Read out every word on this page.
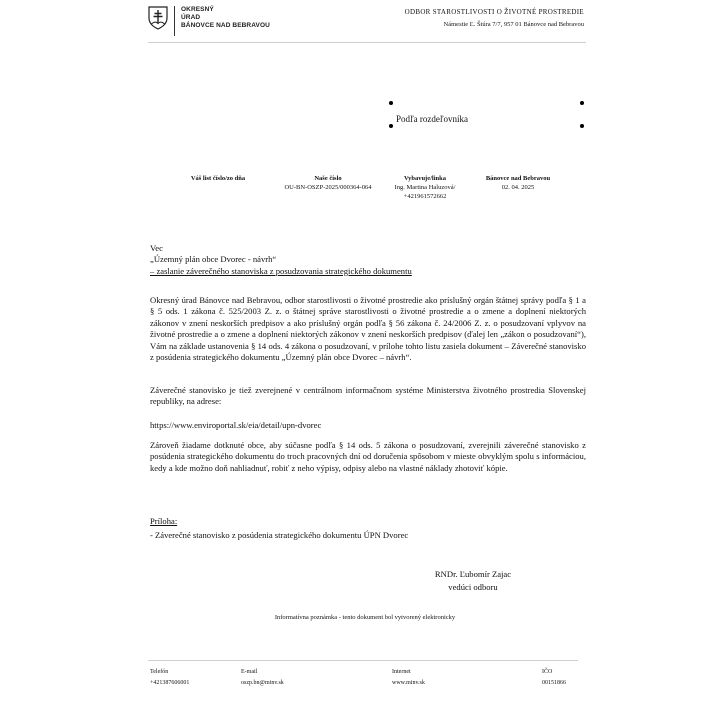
OKRESNÝ
ÚRAD
BÁNOVCE NAD BEBRAVOU
ODBOR STAROSTLIVOSTI O ŽIVOTNÉ PROSTREDIE
Námestie Ľ. Štúra 7/7, 957 01 Bánovce nad Bebravou
Podľa rozdeľovníka
Váš list číslo/zo dňa	Naše číslo
OU-BN-OSZP-2025/000364-064
Vybavuje/linka
Ing. Martina Haluzová/
+421961572662
Bánovce nad Bebravou
02. 04. 2025
Vec
„Územný plán obce Dvorec - návrh“
– zaslanie záverečného stanoviska z posudzovania strategického dokumentu
Okresný úrad Bánovce nad Bebravou, odbor starostlivosti o životné prostredie ako príslušný orgán štátnej správy podľa § 1 a § 5 ods. 1 zákona č. 525/2003 Z. z. o štátnej správe starostlivosti o životné prostredie a o zmene a doplnení niektorých zákonov v znení neskorších predpisov a ako príslušný orgán podľa § 56 zákona č. 24/2006 Z. z. o posudzovaní vplyvov na životné prostredie a o zmene a doplnení niektorých zákonov v znení neskorších predpisov (ďalej len „zákon o posudzovaní“), Vám na základe ustanovenia § 14 ods. 4 zákona o posudzovaní, v prílohe tohto listu zasiela dokument – Záverečné stanovisko z posúdenia strategického dokumentu „Územný plán obce Dvorec – návrh“.
Záverečné stanovisko je tiež zverejnené v centrálnom informačnom systéme Ministerstva životného prostredia Slovenskej republiky, na adrese:
https://www.enviroportal.sk/eia/detail/upn-dvorec
Zároveň žiadame dotknuté obce, aby súčasne podľa § 14 ods. 5 zákona o posudzovaní, zverejnili záverečné stanovisko z posúdenia strategického dokumentu do troch pracovných dní od doručenia spôsobom v mieste obvyklým spolu s informáciou, kedy a kde možno doň nahliadnuť, robiť z neho výpisy, odpisy alebo na vlastné náklady zhotoviť kópie.
Príloha:
- Záverečné stanovisko z posúdenia strategického dokumentu ÚPN Dvorec
RNDr. Ľubomír Zajac
vedúci odboru
Informatívna poznámka - tento dokument bol vytvorený elektronicky
Telefón
+421387606001
E-mail
oszp.bn@minv.sk
Internet
www.minv.sk
IČO
00151866
